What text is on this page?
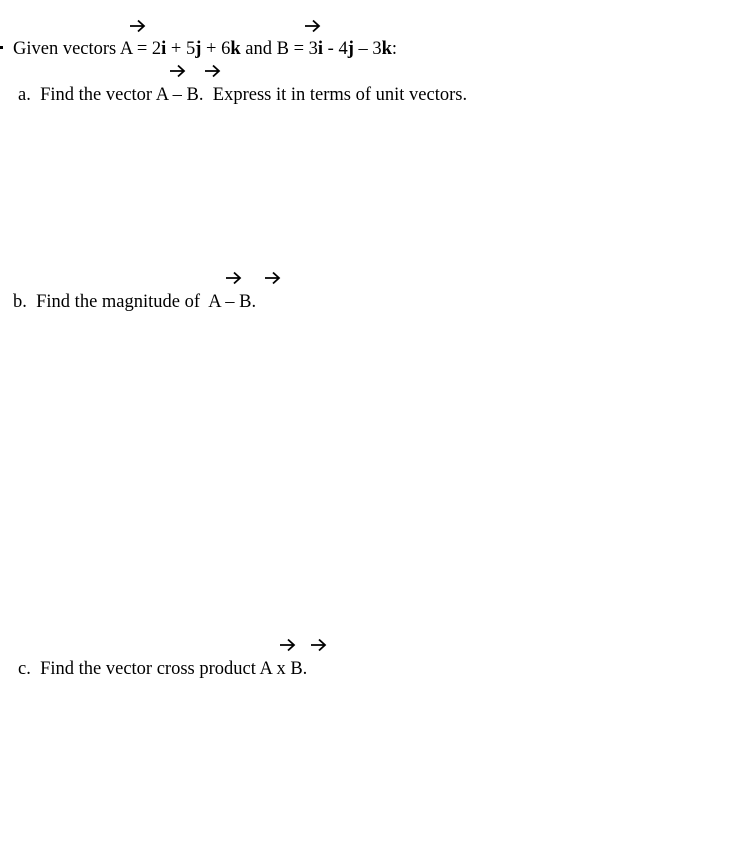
Given vectors A = 2i + 5j + 6k and B = 3i - 4j – 3k:
a.  Find the vector A – B.  Express it in terms of unit vectors.
b.  Find the magnitude of  A – B.
c.  Find the vector cross product A x B.
